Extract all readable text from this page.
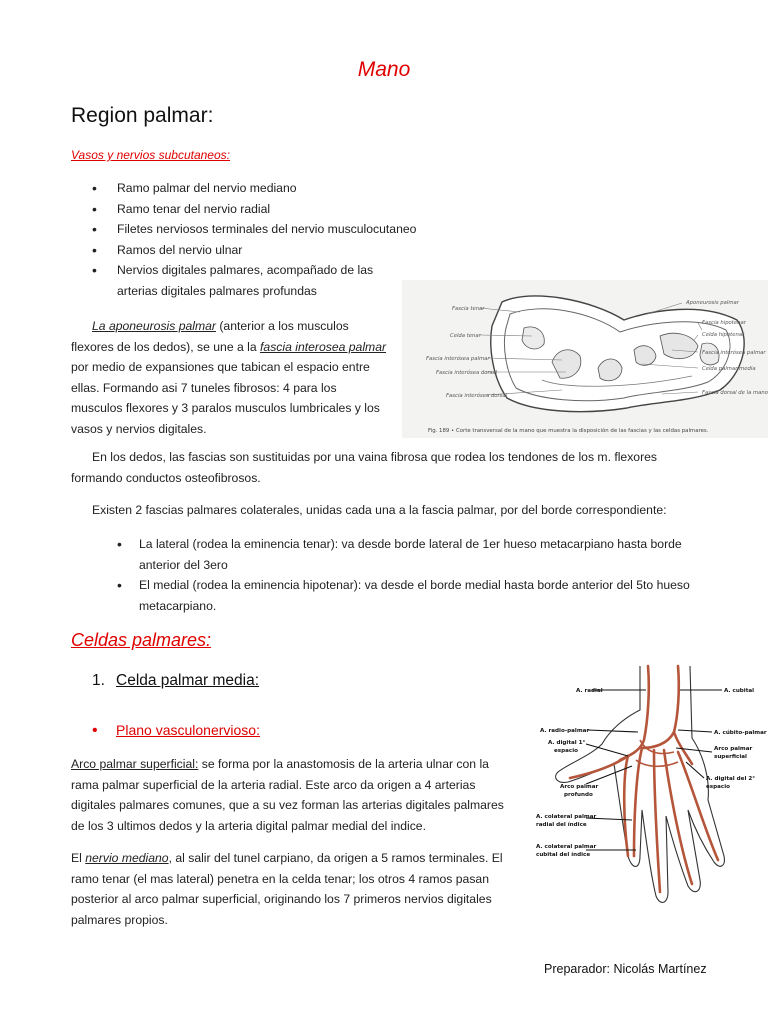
Mano
Region palmar:
Vasos y nervios subcutaneos:
• Ramo palmar del nervio mediano
• Ramo tenar del nervio radial
• Filetes nerviosos terminales del nervio musculocutaneo
• Ramos del nervio ulnar
• Nervios digitales palmares, acompañado de las arterias digitales palmares profundas
La aponeurosis palmar (anterior a los musculos flexores de los dedos), se une a la fascia interosea palmar por medio de expansiones que tabican el espacio entre ellas. Formando asi 7 tuneles fibrosos: 4 para los musculos flexores y 3 paralos musculos lumbricales y los vasos y nervios digitales.
Fascia tenar
Celda tenar
Fascia interósea palmar
Fascia interósea dorsal
Fascia interósea dorsal
Aponeurosis palmar
Fascia hipotenar
Celda hipotenar
Fascia interósea palmar
Celda palmar media
Fascia dorsal de la mano
Fig. 189 • Corte transversal de la mano que muestra la disposición de las fascias y las celdas palmares.
En los dedos, las fascias son sustituidas por una vaina fibrosa que rodea los tendones de los m. flexores formando conductos osteofibrosos.
Existen 2 fascias palmares colaterales, unidas cada una a la fascia palmar, por del borde correspondiente:
• La lateral (rodea la eminencia tenar): va desde borde lateral de 1er hueso metacarpiano hasta borde anterior del 3ero
• El medial (rodea la eminencia hipotenar): va desde el borde medial hasta borde anterior del 5to hueso metacarpiano.
Celdas palmares:
1. Celda palmar media:
• Plano vasculonervioso:
Arco palmar superficial: se forma por la anastomosis de la arteria ulnar con la rama palmar superficial de la arteria radial. Este arco da origen a 4 arterias digitales palmares comunes, que a su vez forman las arterias digitales palmares de los 3 ultimos dedos y la arteria digital palmar medial del indice.
El nervio mediano, al salir del tunel carpiano, da origen a 5 ramos terminales. El ramo tenar (el mas lateral) penetra en la celda tenar; los otros 4 ramos pasan posterior al arco palmar superficial, originando los 7 primeros nervios digitales palmares propios.
A. radial
A. radio-palmar
A. digital 1°
espacio
Arco palmar
profundo
A. colateral palmar
radial del índice
A. colateral palmar
cubital del índice
A. cubital
A. cúbito-palmar
Arco palmar
superficial
A. digital del 2°
espacio
Preparador: Nicolás Martínez
